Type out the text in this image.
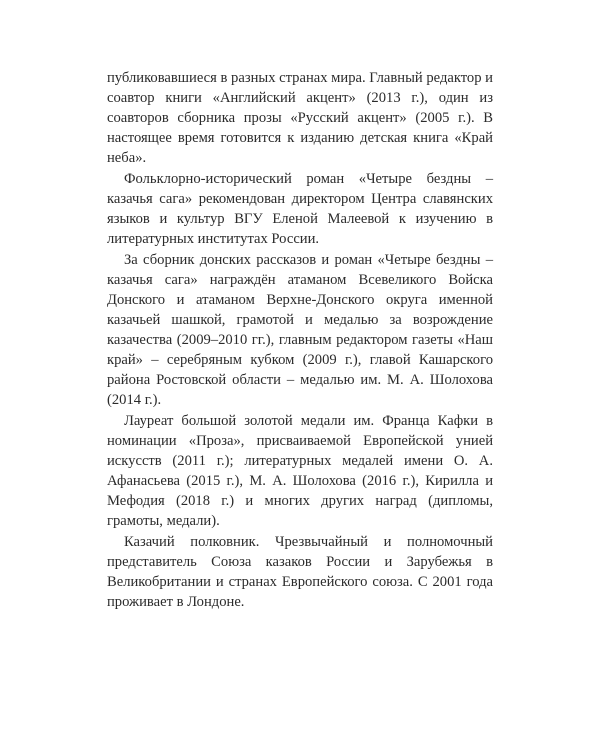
публиковавшиеся в разных странах мира. Главный редактор и соавтор книги «Английский акцент» (2013 г.), один из соавторов сборника прозы «Русский акцент» (2005 г.). В настоящее время готовится к изданию детская книга «Край неба».

Фольклорно-исторический роман «Четыре бездны – казачья сага» рекомендован директором Центра славянских языков и культур ВГУ Еленой Малеевой к изучению в литературных институтах России.

За сборник донских рассказов и роман «Четыре бездны – казачья сага» награждён атаманом Всевеликого Войска Донского и атаманом Верхне-Донского округа именной казачьей шашкой, грамотой и медалью за возрождение казачества (2009–2010 гг.), главным редактором газеты «Наш край» – серебряным кубком (2009 г.), главой Кашарского района Ростовской области – медалью им. М. А. Шолохова (2014 г.).

Лауреат большой золотой медали им. Франца Кафки в номинации «Проза», присваиваемой Европейской унией искусств (2011 г.); литературных медалей имени О. А. Афанасьева (2015 г.), М. А. Шолохова (2016 г.), Кирилла и Мефодия (2018 г.) и многих других наград (дипломы, грамоты, медали).

Казачий полковник. Чрезвычайный и полномочный представитель Союза казаков России и Зарубежья в Великобритании и странах Европейского союза. С 2001 года проживает в Лондоне.
